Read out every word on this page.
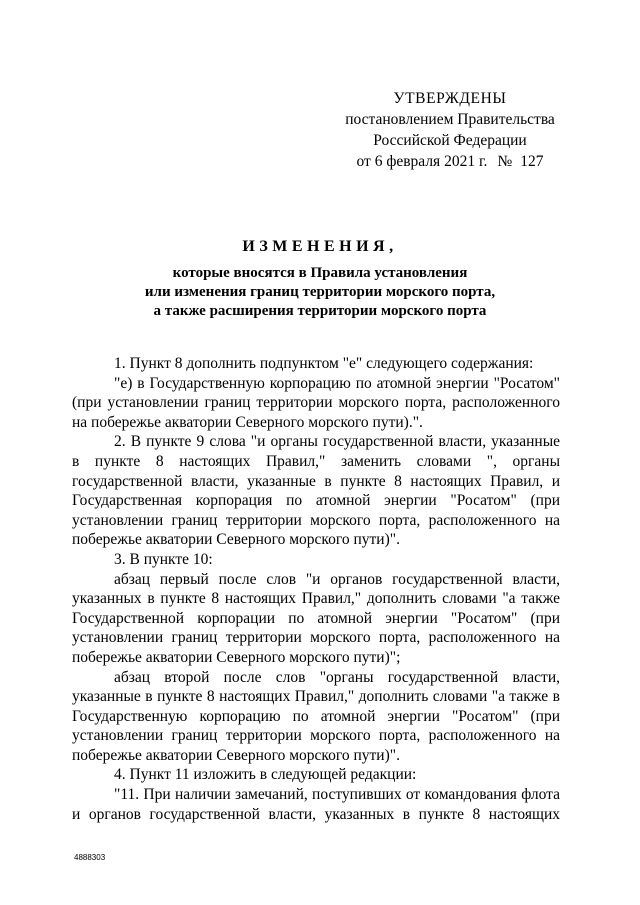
УТВЕРЖДЕНЫ
постановлением Правительства
Российской Федерации
от 6 февраля 2021 г. № 127
ИЗМЕНЕНИЯ,
которые вносятся в Правила установления
или изменения границ территории морского порта,
а также расширения территории морского порта

1. Пункт 8 дополнить подпунктом "е" следующего содержания:

"е) в Государственную корпорацию по атомной энергии "Росатом" (при установлении границ территории морского порта, расположенного на побережье акватории Северного морского пути).".

2. В пункте 9 слова "и органы государственной власти, указанные в пункте 8 настоящих Правил," заменить словами ", органы государственной власти, указанные в пункте 8 настоящих Правил, и Государственная корпорация по атомной энергии "Росатом" (при установлении границ территории морского порта, расположенного на побережье акватории Северного морского пути)".

3. В пункте 10:

абзац первый после слов "и органов государственной власти, указанных в пункте 8 настоящих Правил," дополнить словами "а также Государственной корпорации по атомной энергии "Росатом" (при установлении границ территории морского порта, расположенного на побережье акватории Северного морского пути)";

абзац второй после слов "органы государственной власти, указанные в пункте 8 настоящих Правил," дополнить словами "а также в Государственную корпорацию по атомной энергии "Росатом" (при установлении границ территории морского порта, расположенного на побережье акватории Северного морского пути)".

4. Пункт 11 изложить в следующей редакции:

"11. При наличии замечаний, поступивших от командования флота и органов государственной власти, указанных в пункте 8 настоящих

4888303
